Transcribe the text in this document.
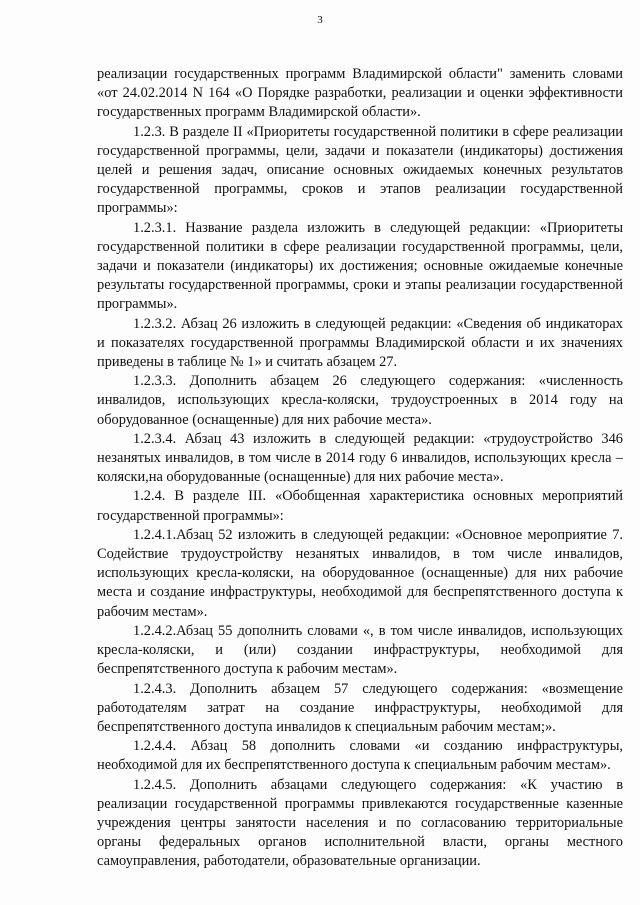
3

реализации государственных программ Владимирской области" заменить словами «от 24.02.2014 N 164 «О Порядке разработки, реализации и оценки эффективности государственных программ Владимирской области».

1.2.3. В разделе II «Приоритеты государственной политики в сфере реализации государственной программы, цели, задачи и показатели (индикаторы) достижения целей и решения задач, описание основных ожидаемых конечных результатов государственной программы, сроков и этапов реализации государственной программы»:

1.2.3.1. Название раздела изложить в следующей редакции: «Приоритеты государственной политики в сфере реализации государственной программы, цели, задачи и показатели (индикаторы) их достижения; основные ожидаемые конечные результаты государственной программы, сроки и этапы реализации государственной программы».

1.2.3.2. Абзац 26 изложить в следующей редакции: «Сведения об индикаторах и показателях государственной программы Владимирской области и их значениях приведены в таблице № 1» и считать абзацем 27.

1.2.3.3. Дополнить абзацем 26 следующего содержания: «численность инвалидов, использующих кресла-коляски, трудоустроенных в 2014 году на оборудованное (оснащенные) для них рабочие места».

1.2.3.4. Абзац 43 изложить в следующей редакции: «трудоустройство 346 незанятых инвалидов, в том числе в 2014 году 6 инвалидов, использующих кресла – коляски,на оборудованные (оснащенные) для них рабочие места».

1.2.4. В разделе III. «Обобщенная характеристика основных мероприятий государственной программы»:

1.2.4.1.Абзац 52 изложить в следующей редакции: «Основное мероприятие 7. Содействие трудоустройству незанятых инвалидов, в том числе инвалидов, использующих кресла-коляски, на оборудованное (оснащенные) для них рабочие места и создание инфраструктуры, необходимой для беспрепятственного доступа к рабочим местам».

1.2.4.2.Абзац 55 дополнить словами «, в том числе инвалидов, использующих кресла-коляски, и (или) создании инфраструктуры, необходимой для беспрепятственного доступа к рабочим местам».

1.2.4.3. Дополнить абзацем 57 следующего содержания: «возмещение работодателям затрат на создание инфраструктуры, необходимой для беспрепятственного доступа инвалидов к специальным рабочим местам;».

1.2.4.4. Абзац 58 дополнить словами «и созданию инфраструктуры, необходимой для их беспрепятственного доступа к специальным рабочим местам».

1.2.4.5. Дополнить абзацами следующего содержания: «К участию в реализации государственной программы привлекаются государственные казенные учреждения центры занятости населения и по согласованию территориальные органы федеральных органов исполнительной власти, органы местного самоуправления, работодатели, образовательные организации.
